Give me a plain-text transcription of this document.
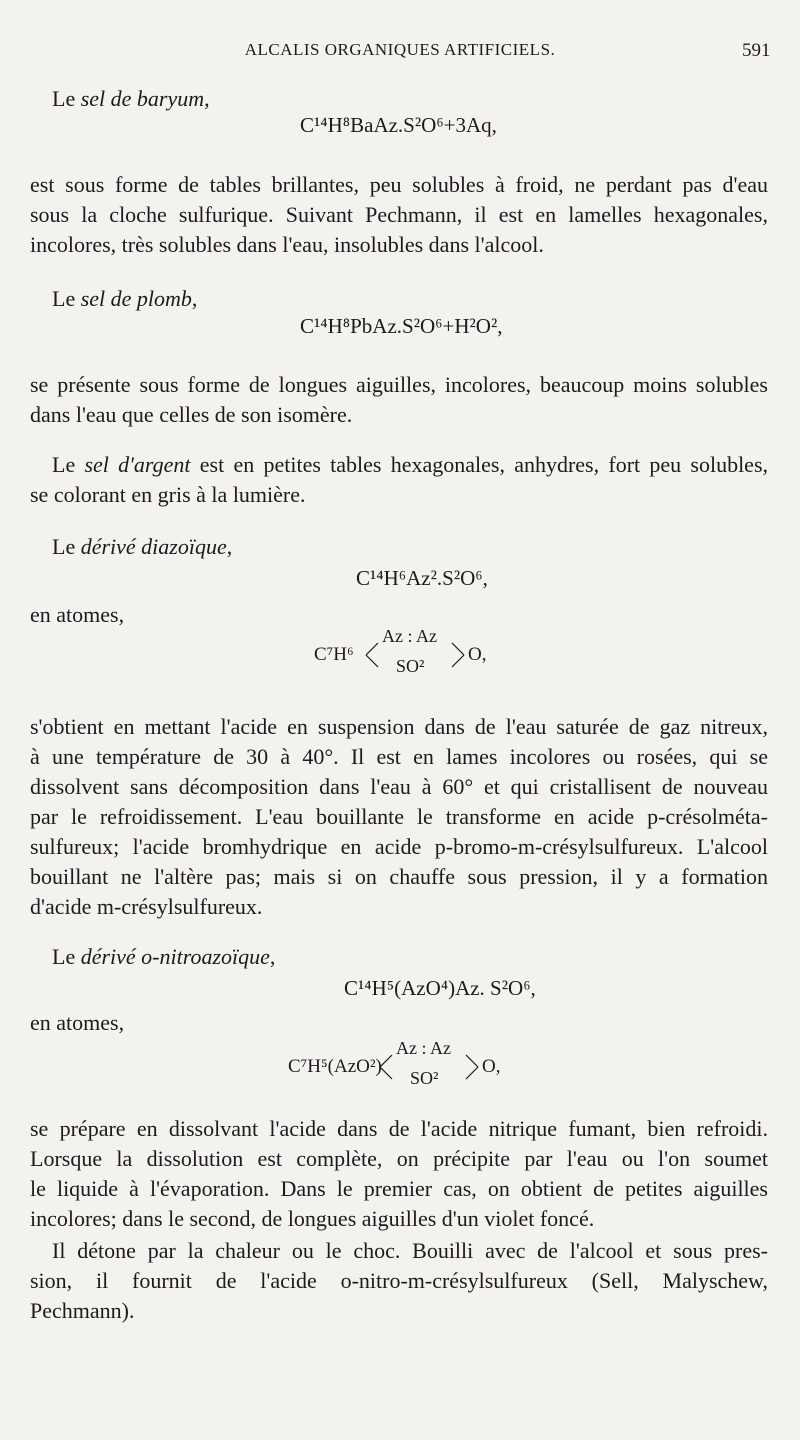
ALCALIS ORGANIQUES ARTIFICIELS.	591
Le sel de baryum,
C¹⁴H⁸BaAz.S²O⁶+3Aq,
est sous forme de tables brillantes, peu solubles à froid, ne perdant pas d'eau
sous la cloche sulfurique. Suivant Pechmann, il est en lamelles hexagonales,
incolores, très solubles dans l'eau, insolubles dans l'alcool.
Le sel de plomb,
C¹⁴H⁸PbAz.S²O⁶+H²O²,
se présente sous forme de longues aiguilles, incolores, beaucoup moins solubles
dans l'eau que celles de son isomère.
Le sel d'argent est en petites tables hexagonales, anhydres, fort peu solubles,
se colorant en gris à la lumière.
Le dérivé diazoïque,
C¹⁴H⁶Az².S²O⁶,
en atomes,
C⁷H⁶
Az : Az
SO²
O,
s'obtient en mettant l'acide en suspension dans de l'eau saturée de gaz nitreux,
à une température de 30 à 40°. Il est en lames incolores ou rosées, qui se
dissolvent sans décomposition dans l'eau à 60° et qui cristallisent de nouveau
par le refroidissement. L'eau bouillante le transforme en acide p-crésolméta-
sulfureux; l'acide bromhydrique en acide p-bromo-m-crésylsulfureux. L'alcool
bouillant ne l'altère pas; mais si on chauffe sous pression, il y a formation
d'acide m-crésylsulfureux.
Le dérivé o-nitroazoïque,
C¹⁴H⁵(AzO⁴)Az. S²O⁶,
en atomes,
C⁷H⁵(AzO²)
Az : Az
SO²
O,
se prépare en dissolvant l'acide dans de l'acide nitrique fumant, bien refroidi.
Lorsque la dissolution est complète, on précipite par l'eau ou l'on soumet
le liquide à l'évaporation. Dans le premier cas, on obtient de petites aiguilles
incolores; dans le second, de longues aiguilles d'un violet foncé.
Il détone par la chaleur ou le choc. Bouilli avec de l'alcool et sous pres-
sion, il fournit de l'acide o-nitro-m-crésylsulfureux (Sell, Malyschew,
Pechmann).
